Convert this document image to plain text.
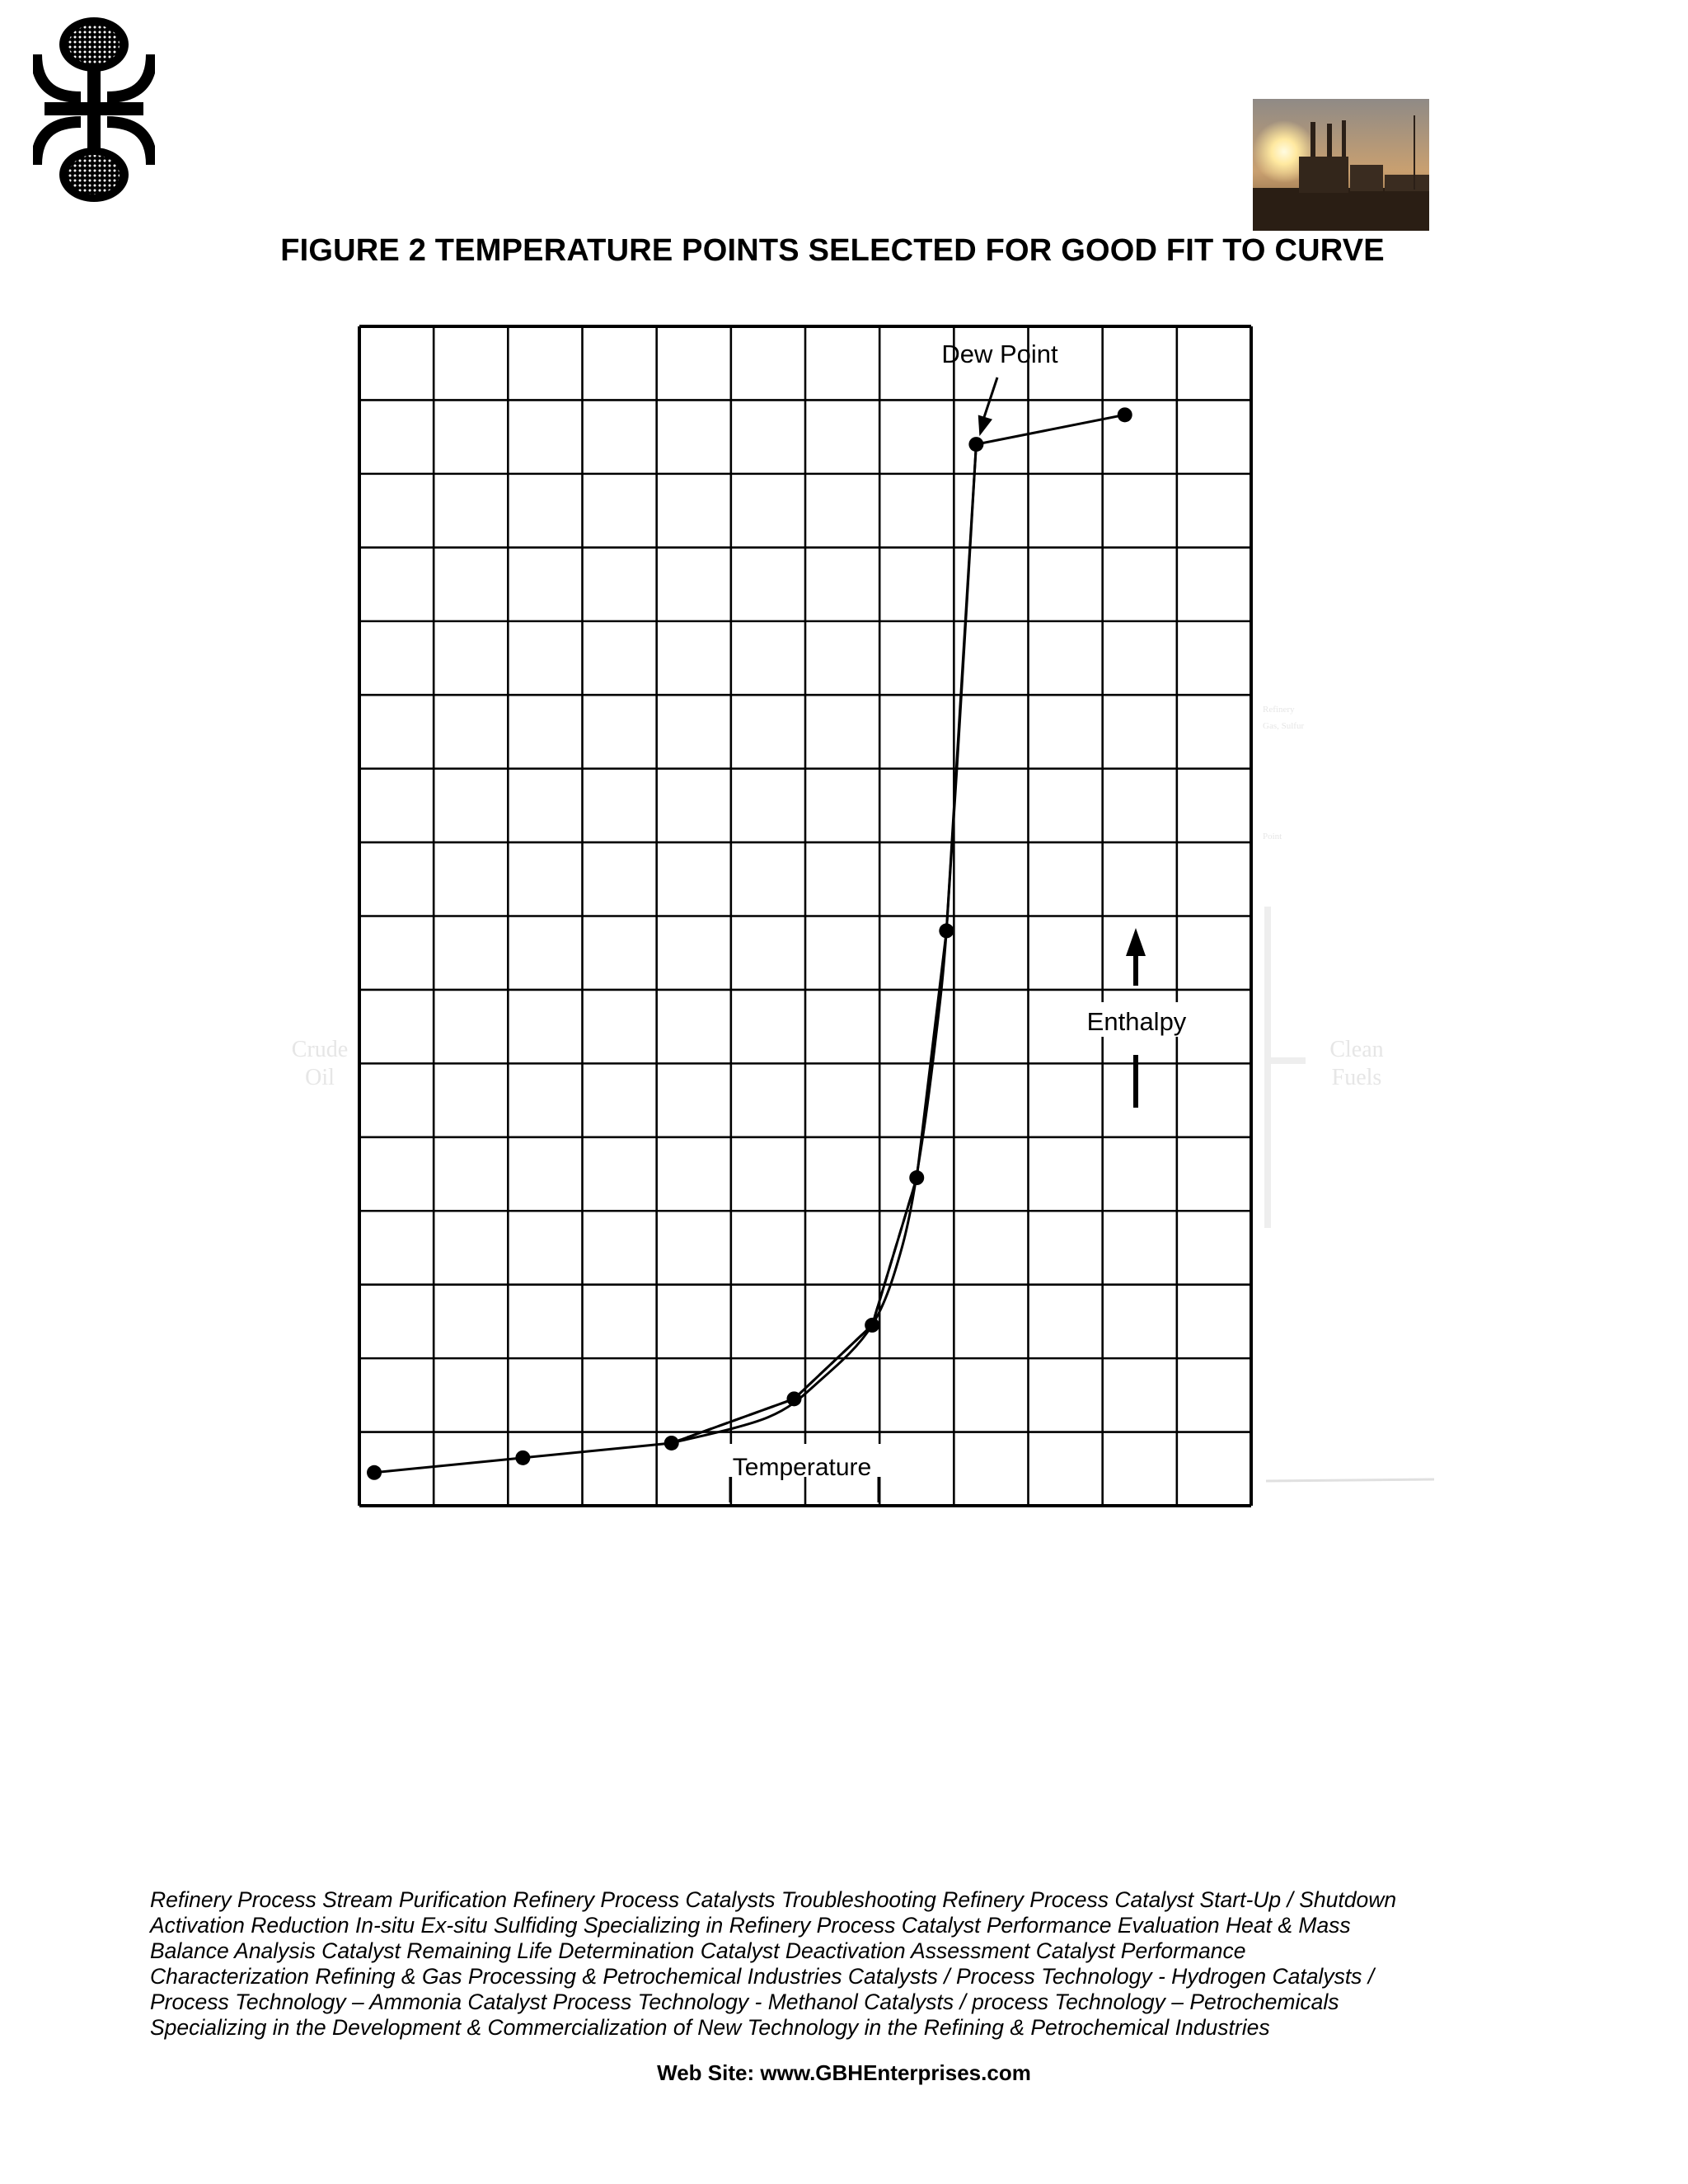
FIGURE 2 TEMPERATURE POINTS SELECTED FOR GOOD FIT TO CURVE
Crude
Oil
Clean
Fuels
Refinery
Gas, Sulfur
Point
Dew Point
Temperature
Enthalpy
Refinery Process Stream Purification Refinery Process Catalysts Troubleshooting Refinery Process Catalyst Start-Up / Shutdown
Activation Reduction In-situ Ex-situ Sulfiding Specializing in Refinery Process Catalyst Performance Evaluation Heat & Mass
Balance Analysis Catalyst Remaining Life Determination Catalyst Deactivation Assessment Catalyst Performance
Characterization Refining & Gas Processing & Petrochemical Industries Catalysts / Process Technology - Hydrogen Catalysts /
Process Technology – Ammonia Catalyst Process Technology - Methanol Catalysts / process Technology – Petrochemicals
Specializing in the Development & Commercialization of New Technology in the Refining & Petrochemical Industries
Web Site: www.GBHEnterprises.com
